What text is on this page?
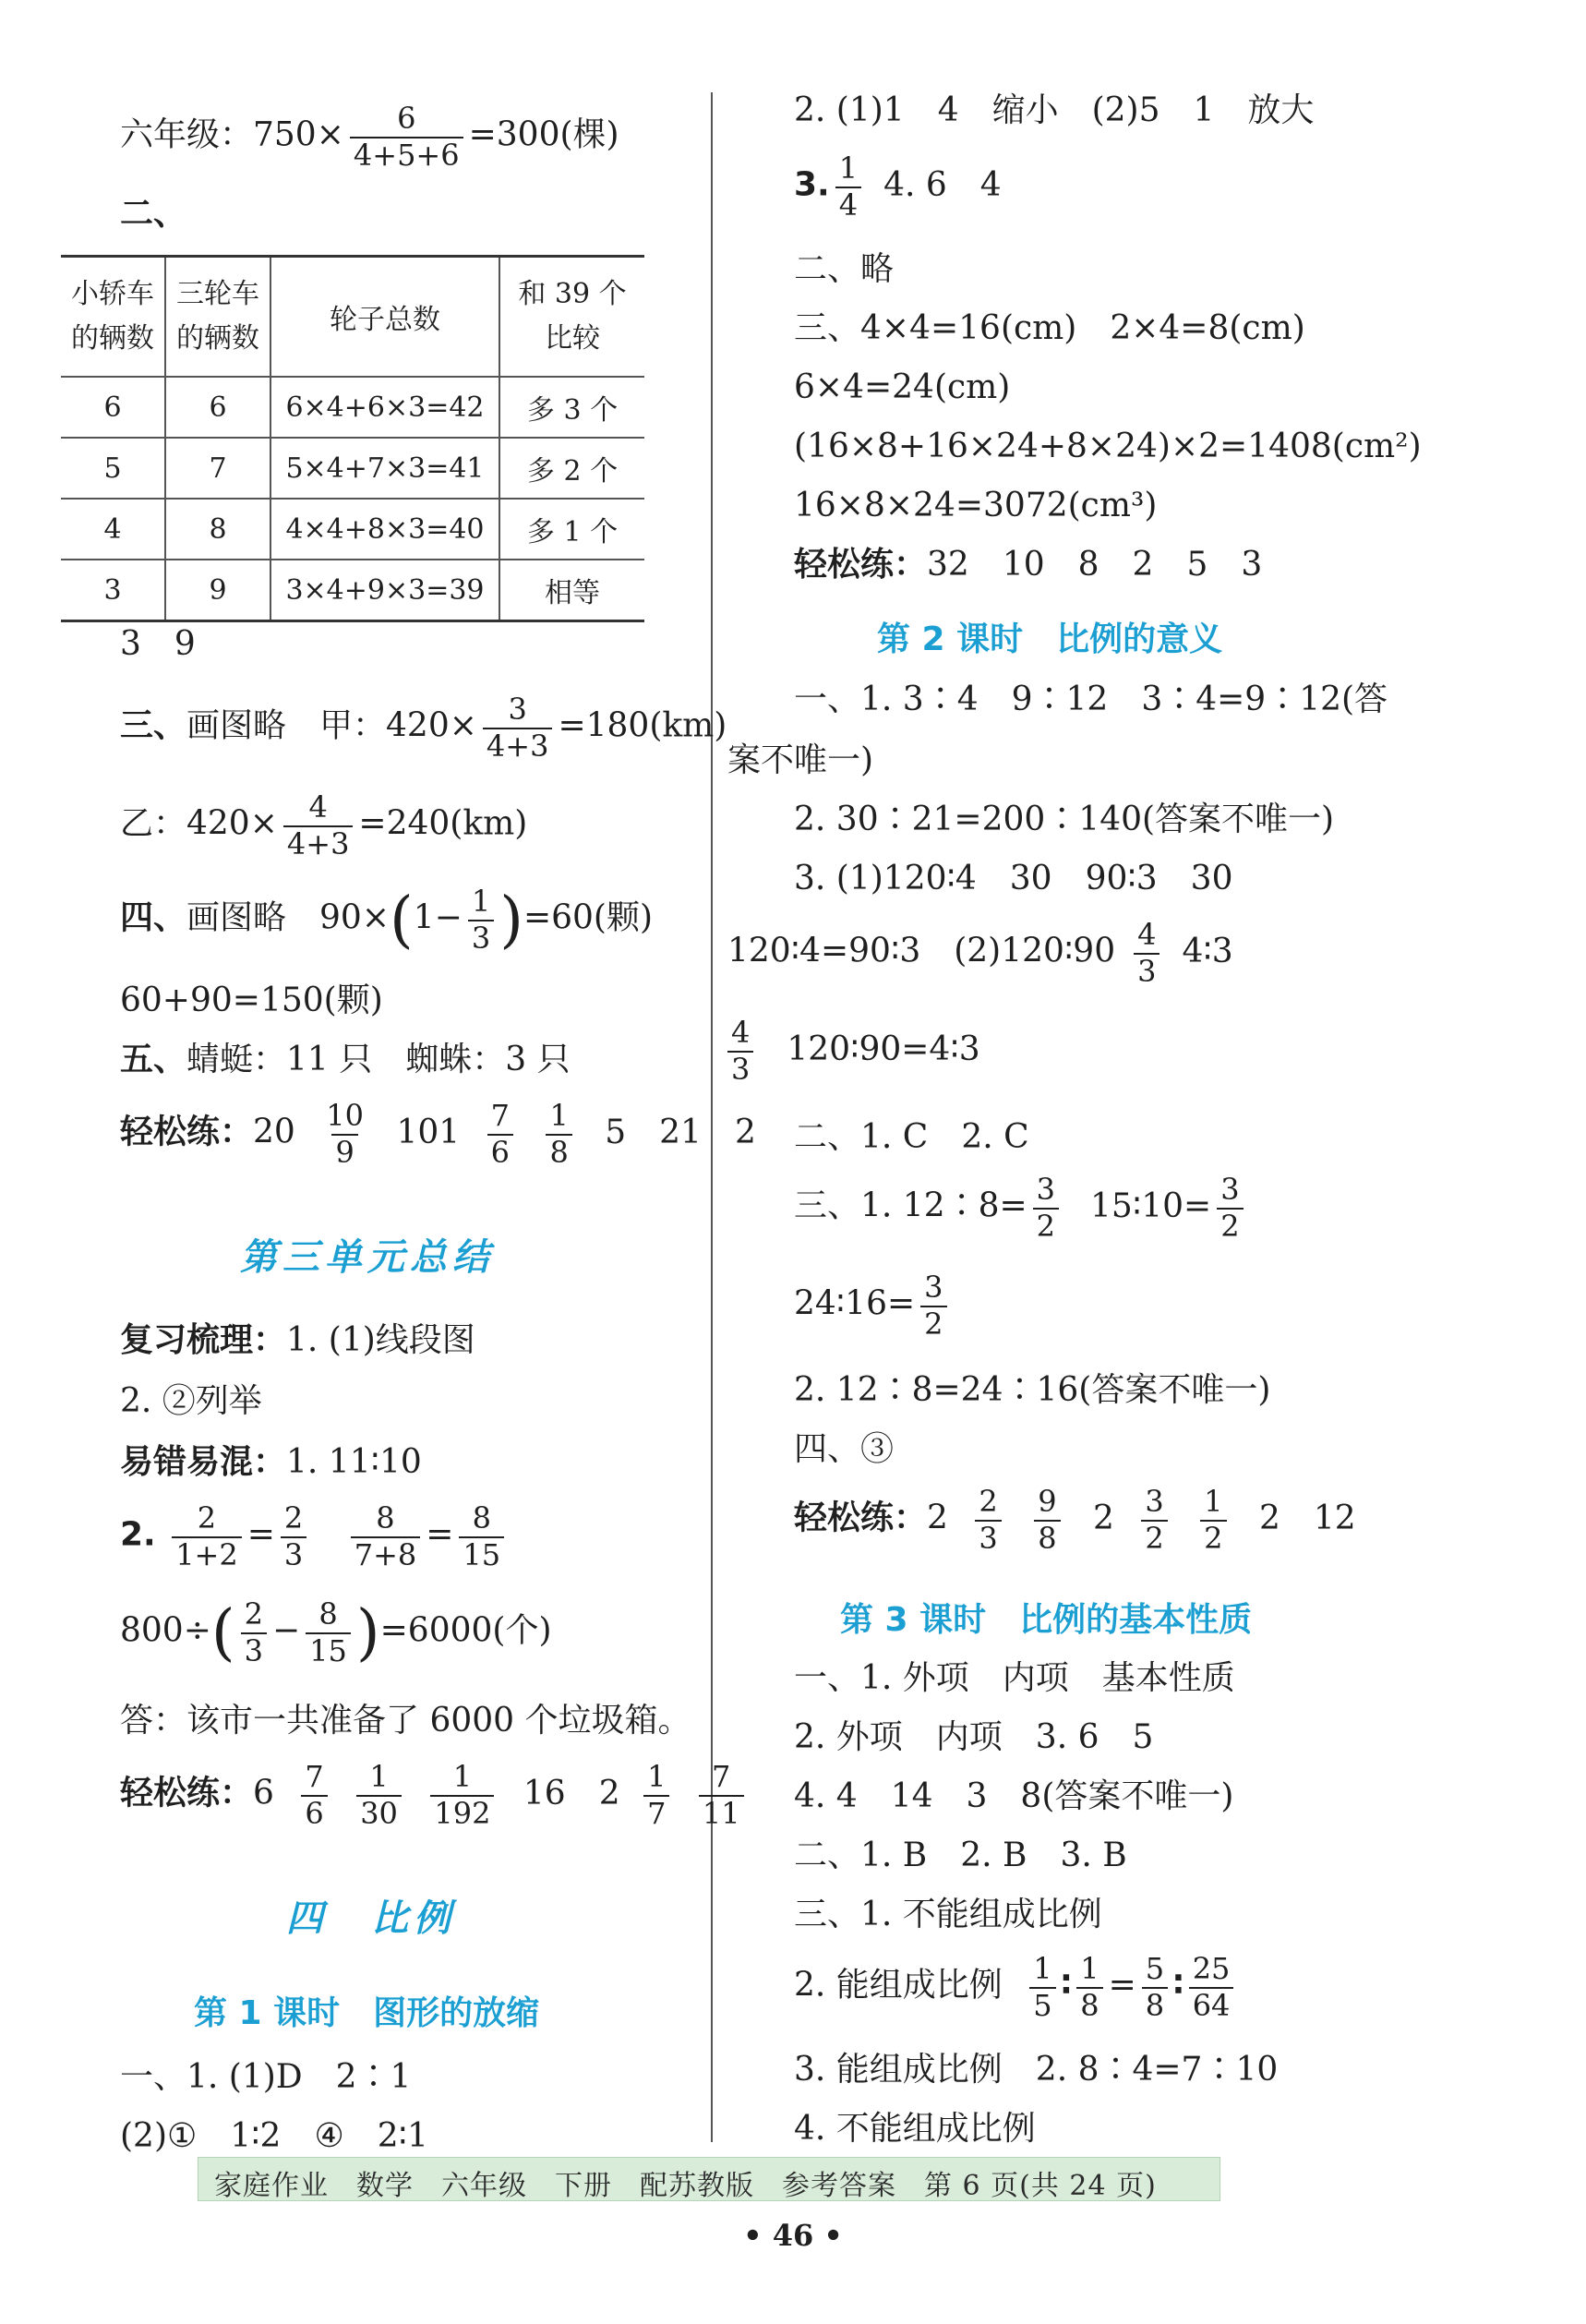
六年级：$750\times \frac{6}{4+5+6} =300$(棵)
二、
小轿车的辆数	三轮车的辆数	轮子总数	和 39 个比较
6	6	6×4+6×3=42	多 3 个
5	7	5×4+7×3=41	多 2 个
4	8	4×4+8×3=40	多 1 个
3	9	3×4+9×3=39	相等
3　9
三、画图略　甲：$420\times \frac{3}{4+3} =180(km)$
乙：$420\times \frac{4}{4+3} =240(km)$
四、画图略　$90\times(1- \frac{1}{3} )=60$(颗)
60+90=150(颗)
五、蜻蜓：11 只　蜘蛛：3 只
轻松练：$20 \frac{10}{9} 101 \frac{7}{6}$
$\frac{1}{8} 5$　21　2
第三单元总结
复习梳理：1. (1)线段图
2. ②列举
易错易混：1. 11∶10
2. $\frac{2}{1+2} = \frac{2}{3}$
$\frac{8}{7+8} = \frac{8}{15}$
$800\div( \frac{2}{3} - \frac{8}{15} )=6000$(个)
答：该市一共准备了 6000 个垃圾箱。
轻松练：$6 \frac{7}{6}$
$\frac{1}{30}$
$\frac{1}{192} 16$　$2 \frac{1}{7}$
$\frac{7}{11}$
四　比例
第 1 课时　图形的放缩
一、1. (1)D　2∶1
(2)①　1∶2　④　2∶1
2. (1)1　4　缩小　(2)5　1　放大
3. $\frac{1}{4} 4$. 6　4
二、略
三、4×4=16(cm)　2×4=8(cm)
6×4=24(cm)
(16×8+16×24+8×24)×2=1408(cm²)
16×8×24=3072(cm³)
轻松练：32　10　8　2　5　3
第 2 课时　比例的意义
一、1. 3∶4　9∶12　3∶4=9∶12(答
案不唯一)
2. 30∶21=200∶140(答案不唯一)
3. (1)120∶4　30　90∶3　30
120∶4=90∶3　(2)120∶90 $\frac{4}{3}$ 4∶3
$\frac{4}{3}$ 120∶90=4∶3
二、1. C　2. C
三、1. 12∶8= $\frac{3}{2}$ 15∶10= $\frac{3}{2}$
24∶16= $\frac{3}{2}$
2. 12∶8=24∶16(答案不唯一)
四、③
轻松练：$2 \frac{2}{3}$
$\frac{9}{8} 2 \frac{3}{2}$
$\frac{1}{2} 2$　12
第 3 课时　比例的基本性质
一、1. 外项　内项　基本性质
2. 外项　内项　3. 6　5
4. 4　14　3　8(答案不唯一)
二、1. B　2. B　3. B
三、1. 不能组成比例
2. 能组成比例 $\frac{1}{5}$ ∶ $\frac{1}{8} = \frac{5}{8}$ ∶ $\frac{25}{64}$
3. 能组成比例　2. 8∶4=7∶10
4. 不能组成比例
家庭作业 数学 六年级 下册 配苏教版 参考答案 第 6 页(共 24 页)
• 46 •
